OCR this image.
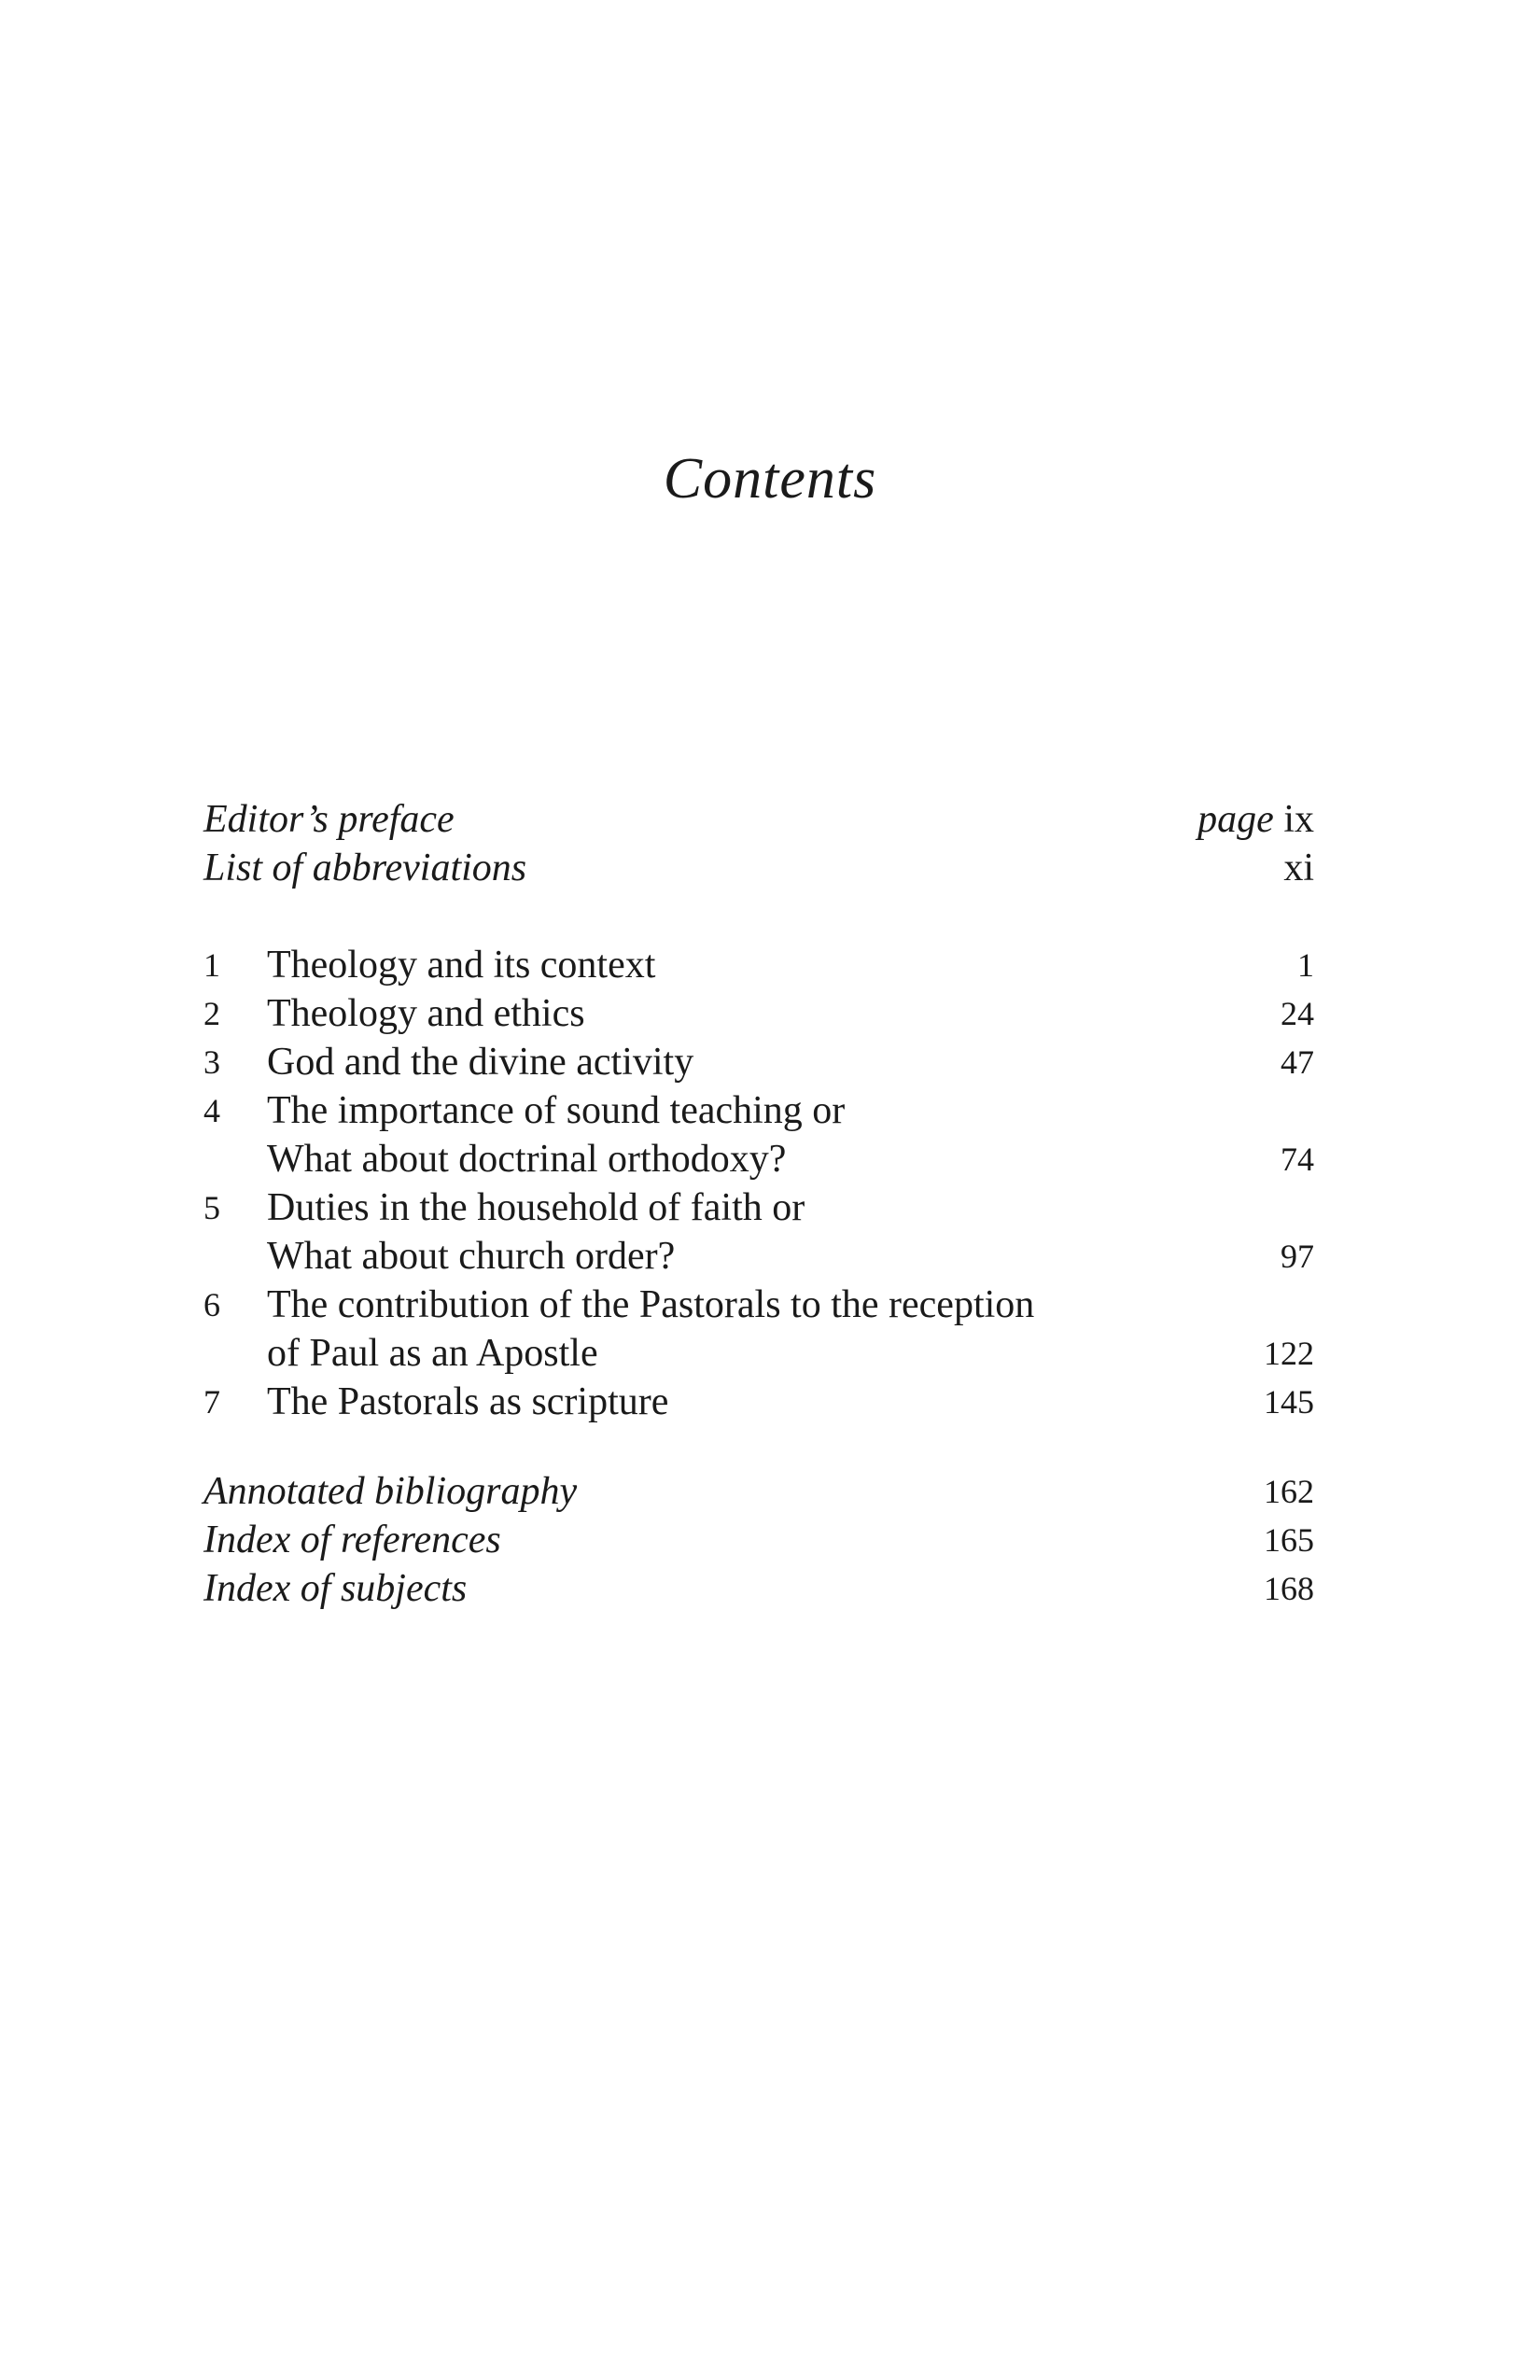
Contents
Editor’s preface	page ix
List of abbreviations	xi
1	Theology and its context	1
2	Theology and ethics	24
3	God and the divine activity	47
4	The importance of sound teaching or
What about doctrinal orthodoxy?	74
5	Duties in the household of faith or
What about church order?	97
6	The contribution of the Pastorals to the reception
of Paul as an Apostle	122
7	The Pastorals as scripture	145
Annotated bibliography	162
Index of references	165
Index of subjects	168
